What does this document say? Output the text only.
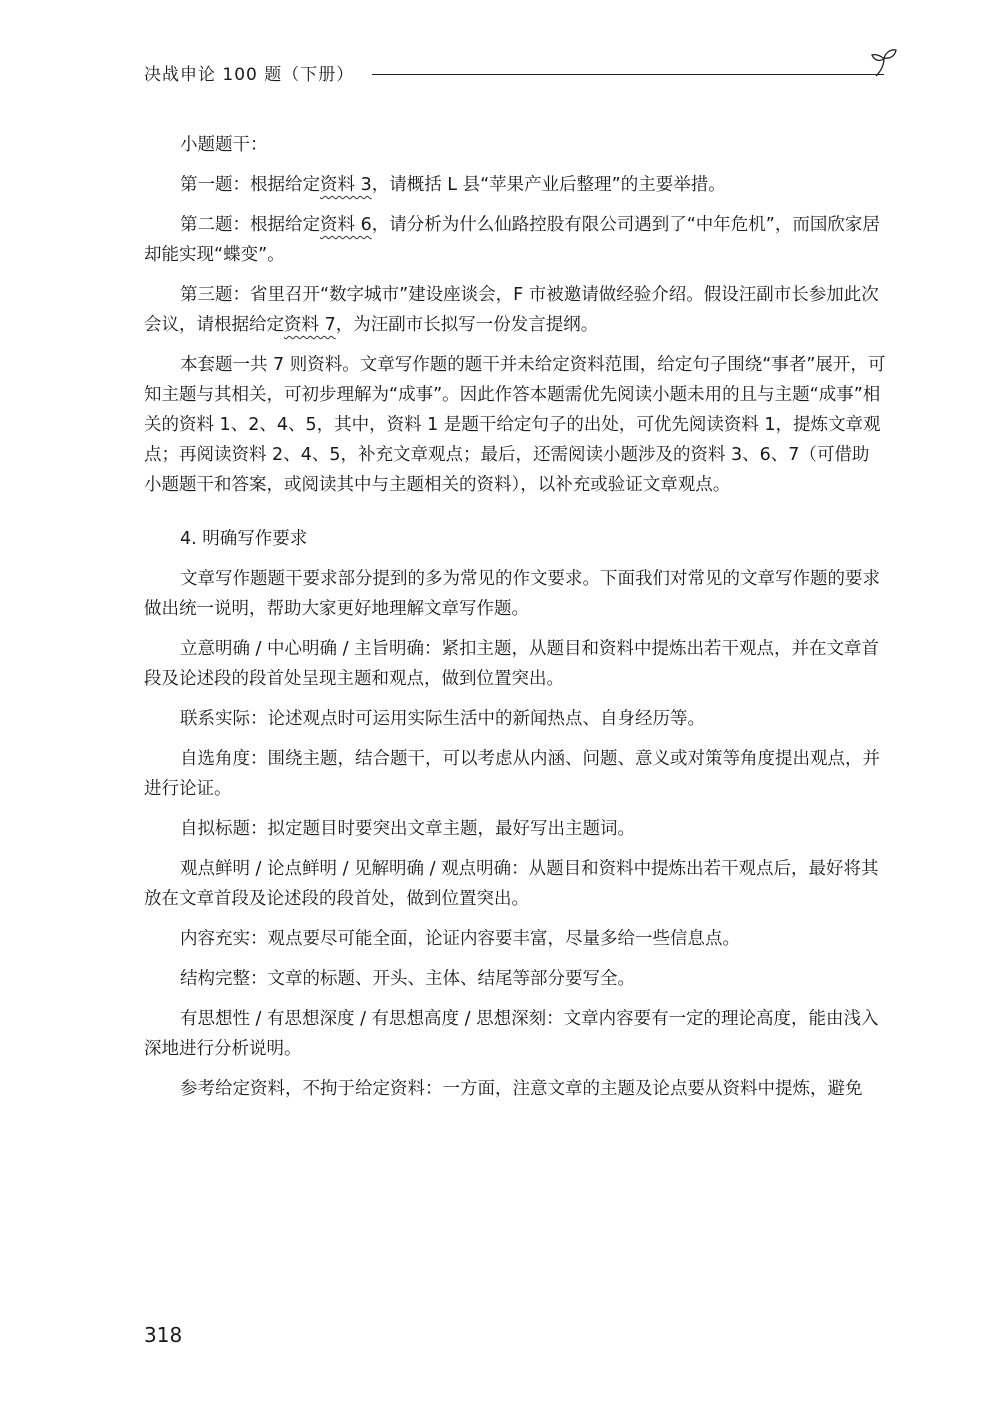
决战申论 100 题（下册）

小题题干：

第一题：根据给定资料 3，请概括 L 县“苹果产业后整理”的主要举措。

第二题：根据给定资料 6，请分析为什么仙路控股有限公司遇到了“中年危机”，而国欣家居却能实现“蝶变”。

第三题：省里召开“数字城市”建设座谈会，F 市被邀请做经验介绍。假设汪副市长参加此次会议，请根据给定资料 7，为汪副市长拟写一份发言提纲。

本套题一共 7 则资料。文章写作题的题干并未给定资料范围，给定句子围绕“事者”展开，可知主题与其相关，可初步理解为“成事”。因此作答本题需优先阅读小题未用的且与主题“成事”相关的资料 1、2、4、5，其中，资料 1 是题干给定句子的出处，可优先阅读资料 1，提炼文章观点；再阅读资料 2、4、5，补充文章观点；最后，还需阅读小题涉及的资料 3、6、7（可借助小题题干和答案，或阅读其中与主题相关的资料），以补充或验证文章观点。

4. 明确写作要求

文章写作题题干要求部分提到的多为常见的作文要求。下面我们对常见的文章写作题的要求做出统一说明，帮助大家更好地理解文章写作题。

立意明确 / 中心明确 / 主旨明确：紧扣主题，从题目和资料中提炼出若干观点，并在文章首段及论述段的段首处呈现主题和观点，做到位置突出。

联系实际：论述观点时可运用实际生活中的新闻热点、自身经历等。

自选角度：围绕主题，结合题干，可以考虑从内涵、问题、意义或对策等角度提出观点，并进行论证。

自拟标题：拟定题目时要突出文章主题，最好写出主题词。

观点鲜明 / 论点鲜明 / 见解明确 / 观点明确：从题目和资料中提炼出若干观点后，最好将其放在文章首段及论述段的段首处，做到位置突出。

内容充实：观点要尽可能全面，论证内容要丰富，尽量多给一些信息点。

结构完整：文章的标题、开头、主体、结尾等部分要写全。

有思想性 / 有思想深度 / 有思想高度 / 思想深刻：文章内容要有一定的理论高度，能由浅入深地进行分析说明。

参考给定资料，不拘于给定资料：一方面，注意文章的主题及论点要从资料中提炼，避免

318
